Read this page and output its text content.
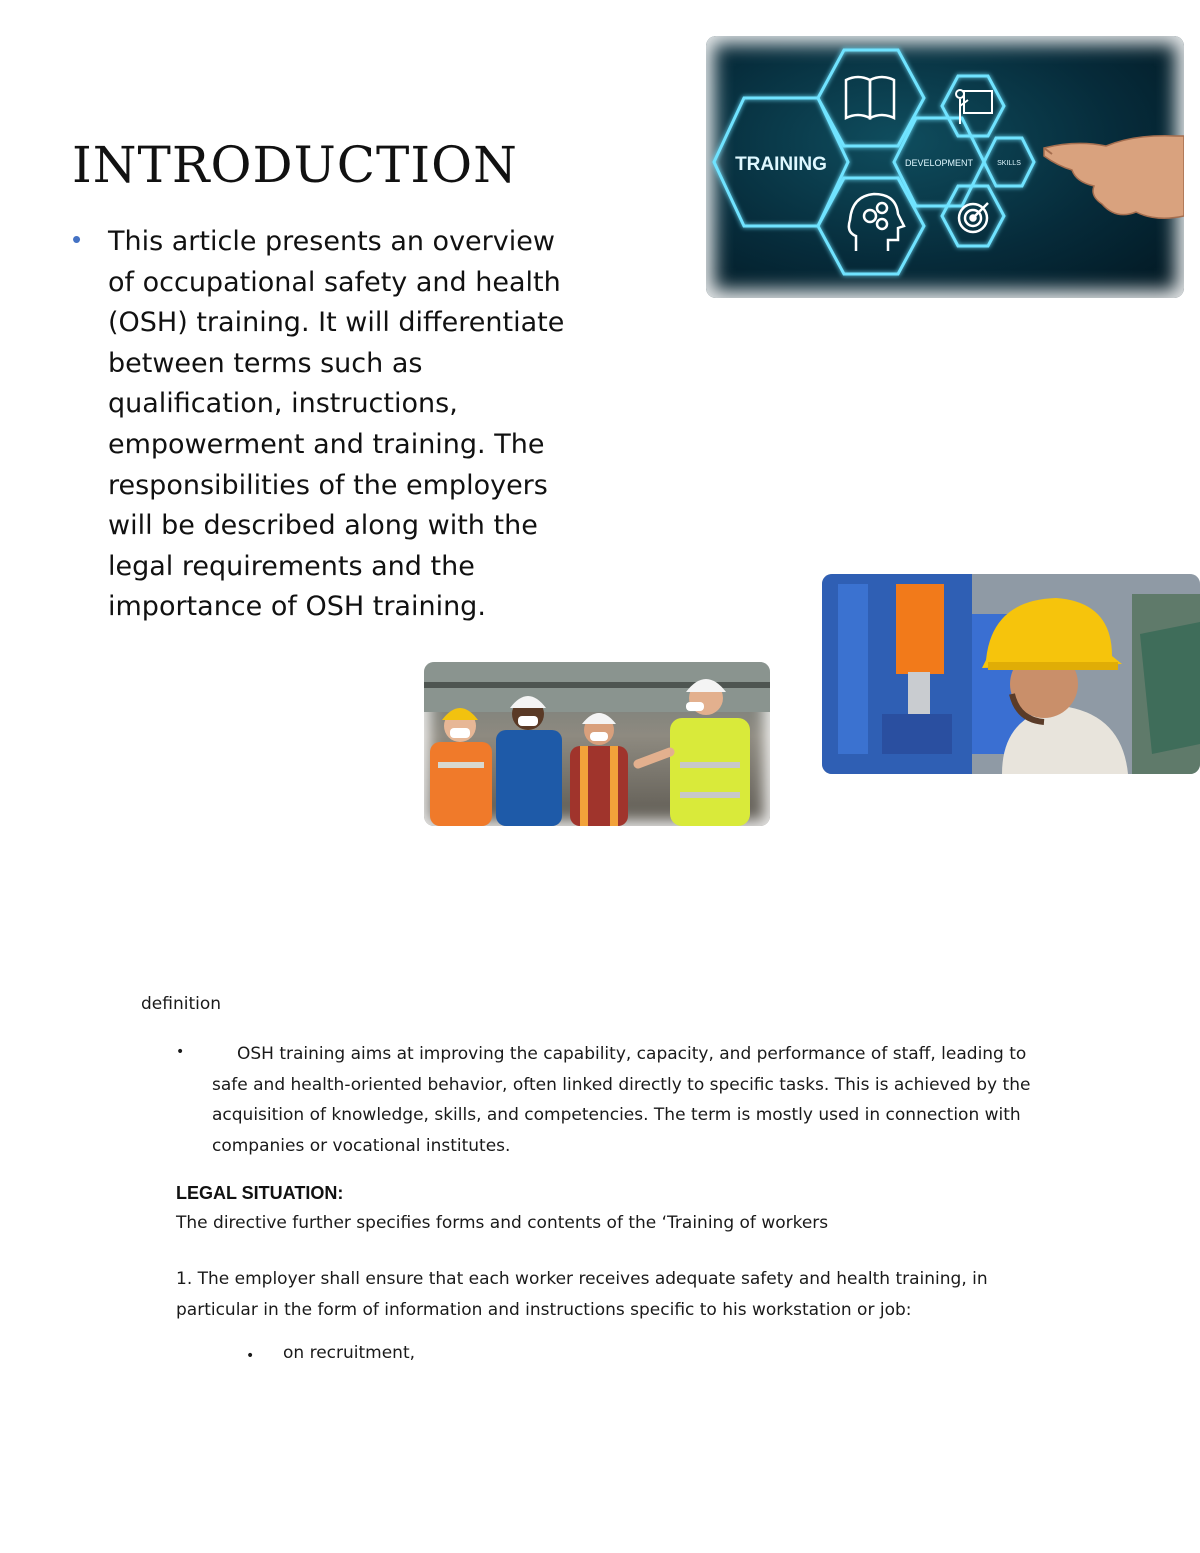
INTRODUCTION
• This article presents an overview of occupational safety and health (OSH) training. It will differentiate between terms such as qualification, instructions, empowerment and training. The responsibilities of the employers will be described along with the legal requirements and the importance of OSH training.

TRAINING	DEVELOPMENT	SKILLS
definition
•	OSH training aims at improving the capability, capacity, and performance of staff, leading to safe and health-oriented behavior, often linked directly to specific tasks. This is achieved by the acquisition of knowledge, skills, and competencies. The term is mostly used in connection with companies or vocational institutes.

LEGAL SITUATION:

The directive further specifies forms and contents of the ‘Training of workers

1. The employer shall ensure that each worker receives adequate safety and health training, in particular in the form of information and instructions specific to his workstation or job:

• on recruitment,
